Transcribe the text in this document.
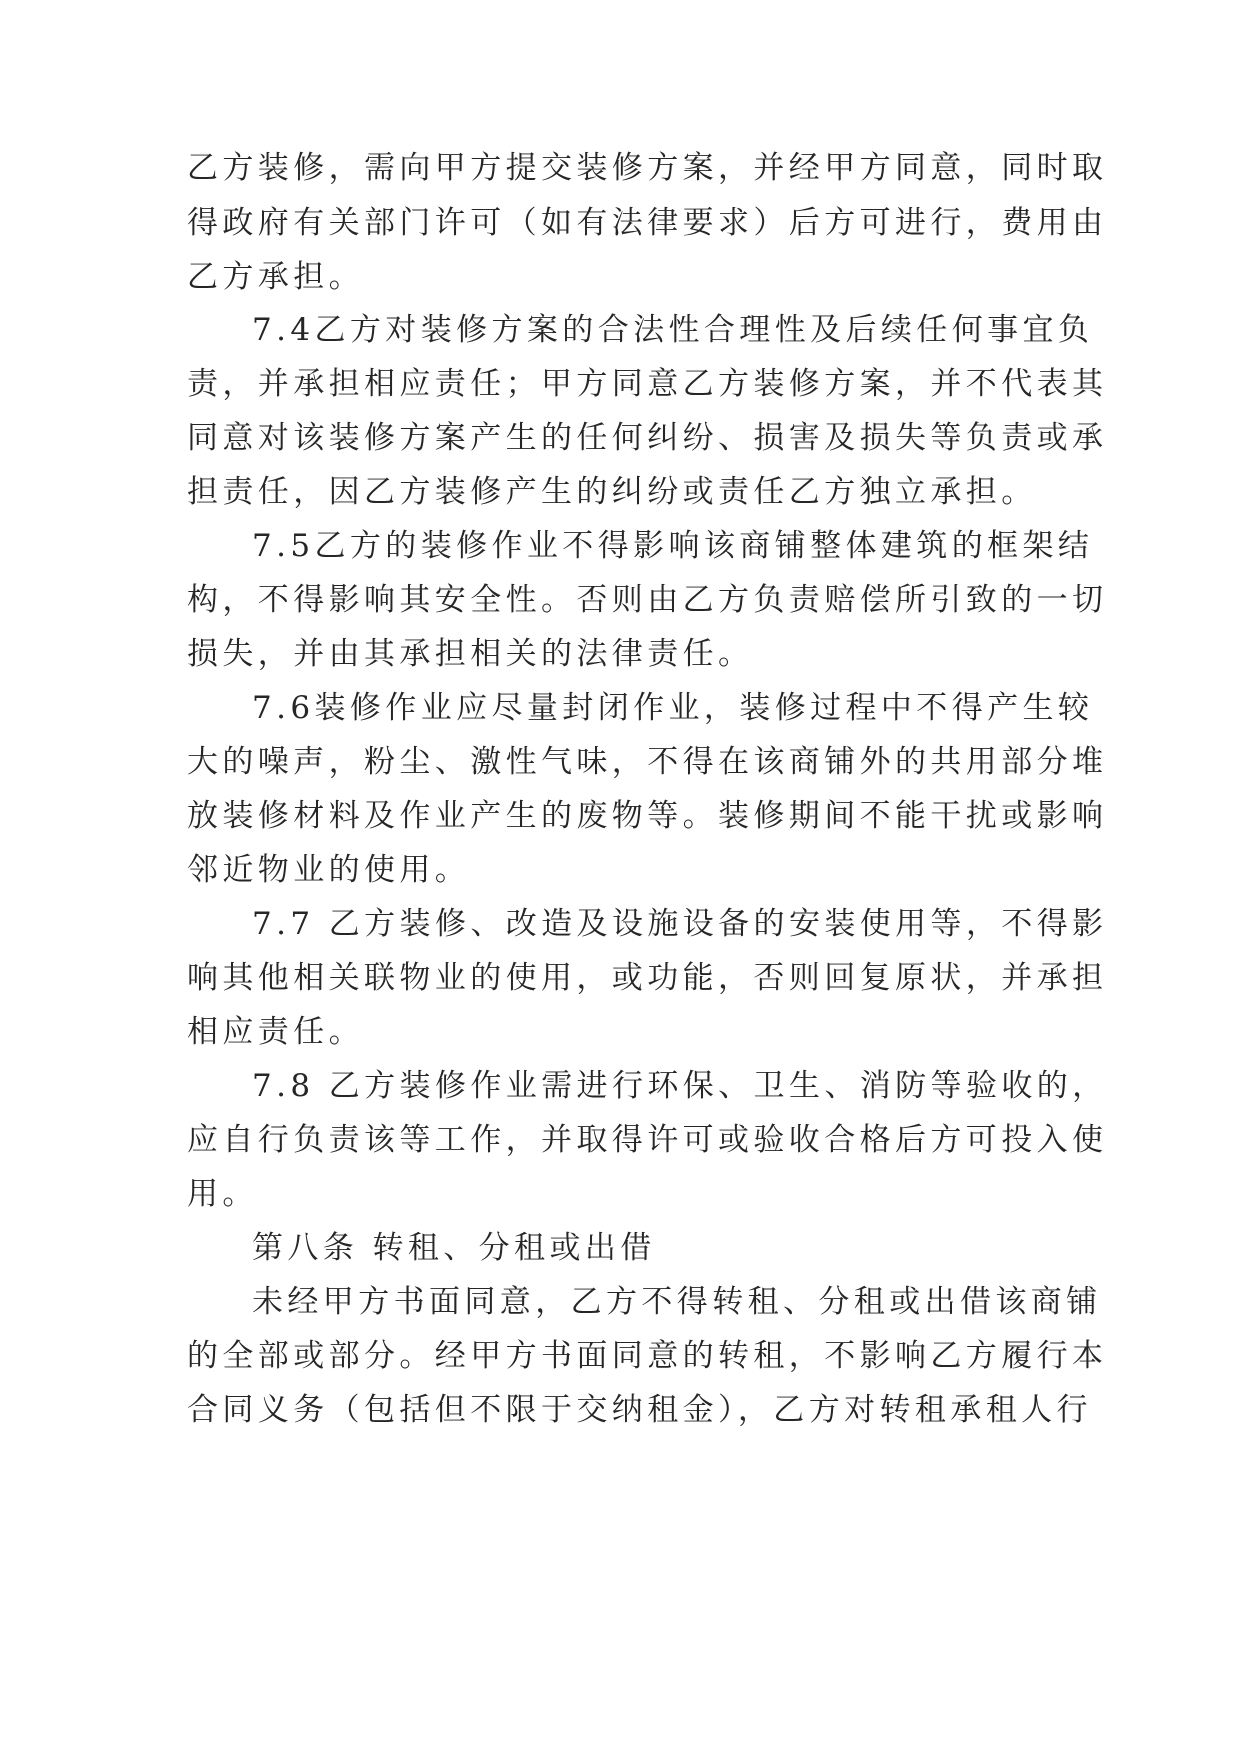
乙方装修，需向甲方提交装修方案，并经甲方同意，同时取
得政府有关部门许可（如有法律要求）后方可进行，费用由
乙方承担。
7.4乙方对装修方案的合法性合理性及后续任何事宜负
责，并承担相应责任；甲方同意乙方装修方案，并不代表其
同意对该装修方案产生的任何纠纷、损害及损失等负责或承
担责任，因乙方装修产生的纠纷或责任乙方独立承担。
7.5乙方的装修作业不得影响该商铺整体建筑的框架结
构，不得影响其安全性。否则由乙方负责赔偿所引致的一切
损失，并由其承担相关的法律责任。
7.6装修作业应尽量封闭作业，装修过程中不得产生较
大的噪声，粉尘、激性气味，不得在该商铺外的共用部分堆
放装修材料及作业产生的废物等。装修期间不能干扰或影响
邻近物业的使用。
7.7 乙方装修、改造及设施设备的安装使用等，不得影
响其他相关联物业的使用，或功能，否则回复原状，并承担
相应责任。
7.8 乙方装修作业需进行环保、卫生、消防等验收的，
应自行负责该等工作，并取得许可或验收合格后方可投入使
用。
第八条 转租、分租或出借
未经甲方书面同意，乙方不得转租、分租或出借该商铺
的全部或部分。经甲方书面同意的转租，不影响乙方履行本
合同义务（包括但不限于交纳租金），乙方对转租承租人行
